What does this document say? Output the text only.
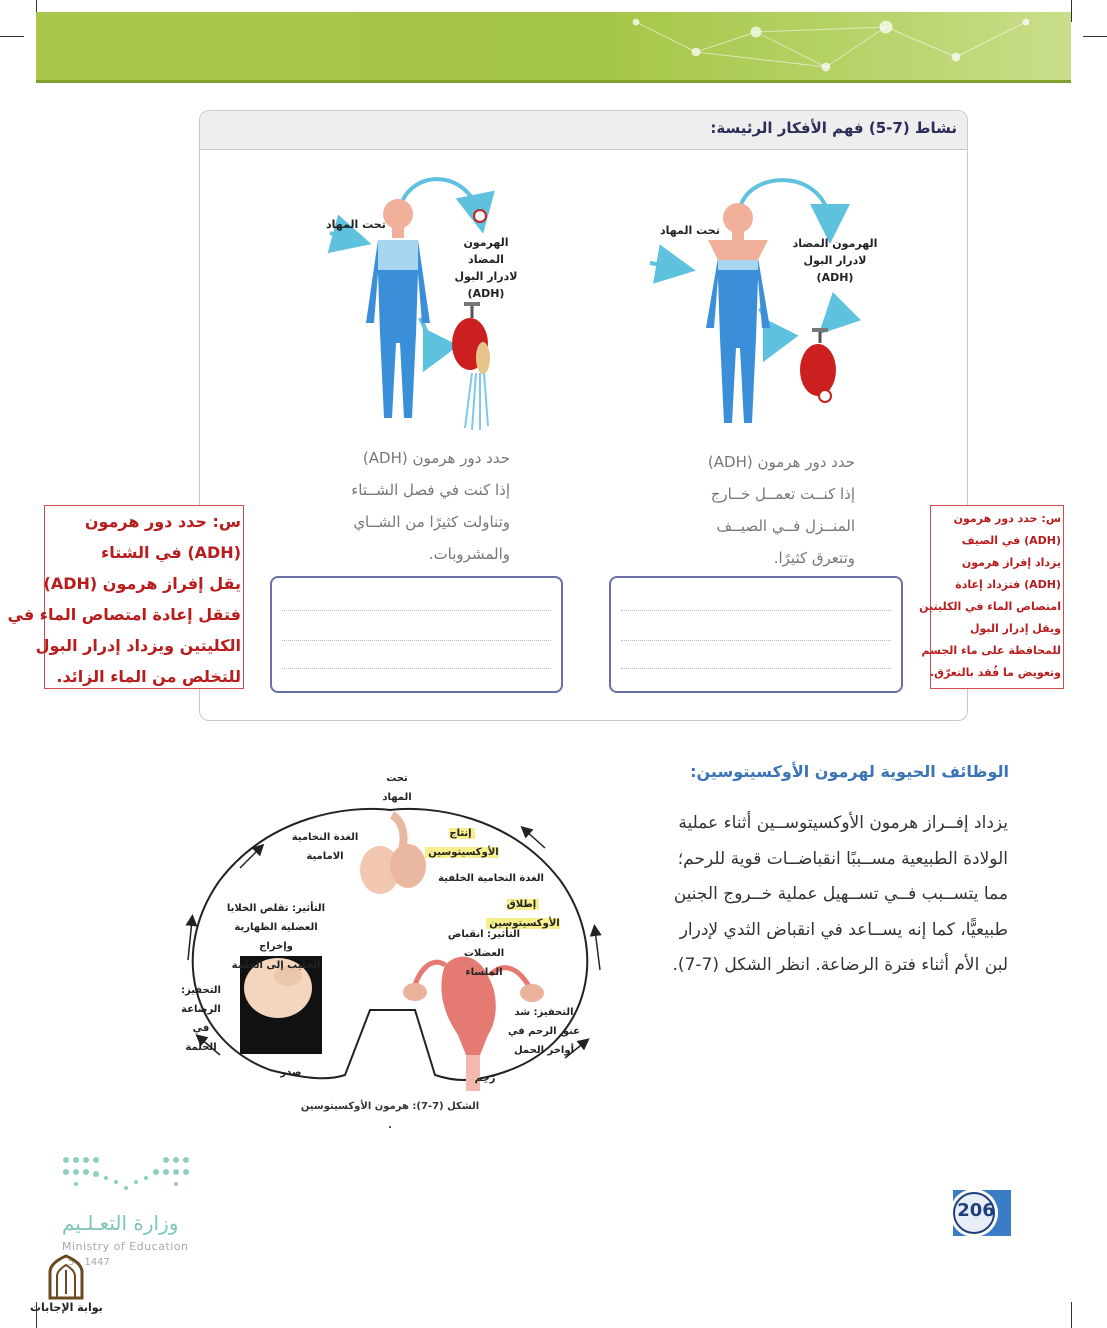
نشاط (7-5) فهم الأفكار الرئيسة:
تحت المهاد
الهرمون المضاد
لادرار البول
(ADH)
تحت المهاد
الهرمون المضاد
لادرار البول
(ADH)
حدد دور هرمون (ADH)
إذا كنــت تعمــل خــارج
المنــزل فــي الصيــف
وتتعرق كثيرًا.
حدد دور هرمون (ADH)
إذا كنت في فصل الشــتاء
وتناولت كثيرًا من الشــاي
والمشروبات.
س: حدد دور هرمون
(ADH) في الشتاء
يقل إفراز هرمون (ADH)
فتقل إعادة امتصاص الماء في
الكليتين ويزداد إدرار البول
للتخلص من الماء الزائد.
س: حدد دور هرمون
(ADH) في الصيف
يزداد إفراز هرمون
(ADH) فتزداد إعادة
امتصاص الماء في الكليتين
ويقل إدرار البول
للمحافظة على ماء الجسم
وتعويض ما فُقد بالتعرّق.
الوظائف الحيوية لهرمون الأوكسيتوسين:
يزداد إفــراز هرمون الأوكسيتوســين أثناء عملية
الولادة الطبيعية مســببًا انقباضــات قوية للرحم؛
مما يتســبب فــي تســهيل عملية خــروج الجنين
طبيعيًّا، كما إنه يســاعد في انقباض الثدي لإدرار
لبن الأم أثناء فترة الرضاعة. انظر الشكل (7-7).
تحت المهاد
الغدة النخامية
الامامية
إنتاج الأوكسيتوسين
الغدة النخامية الخلفية
إطلاق الأوكسيتوسين
التأثير: تقلص الخلايا
العضلية الظهارية وإخراج
الحليب إلى الحلمة
التأثير: انقباض
العضلات الملساء
التحفيز:
الرضاعة في
الحلمة
التحفيز: شد
عنق الرحم في
أواخر الحمل
صدر
رَحِم
الشكل (7-7): هرمون الأوكسيتوسين .
206
وزارة التعـلـيم
Ministry of Education
5 - 1447
بوابة الإجابات
